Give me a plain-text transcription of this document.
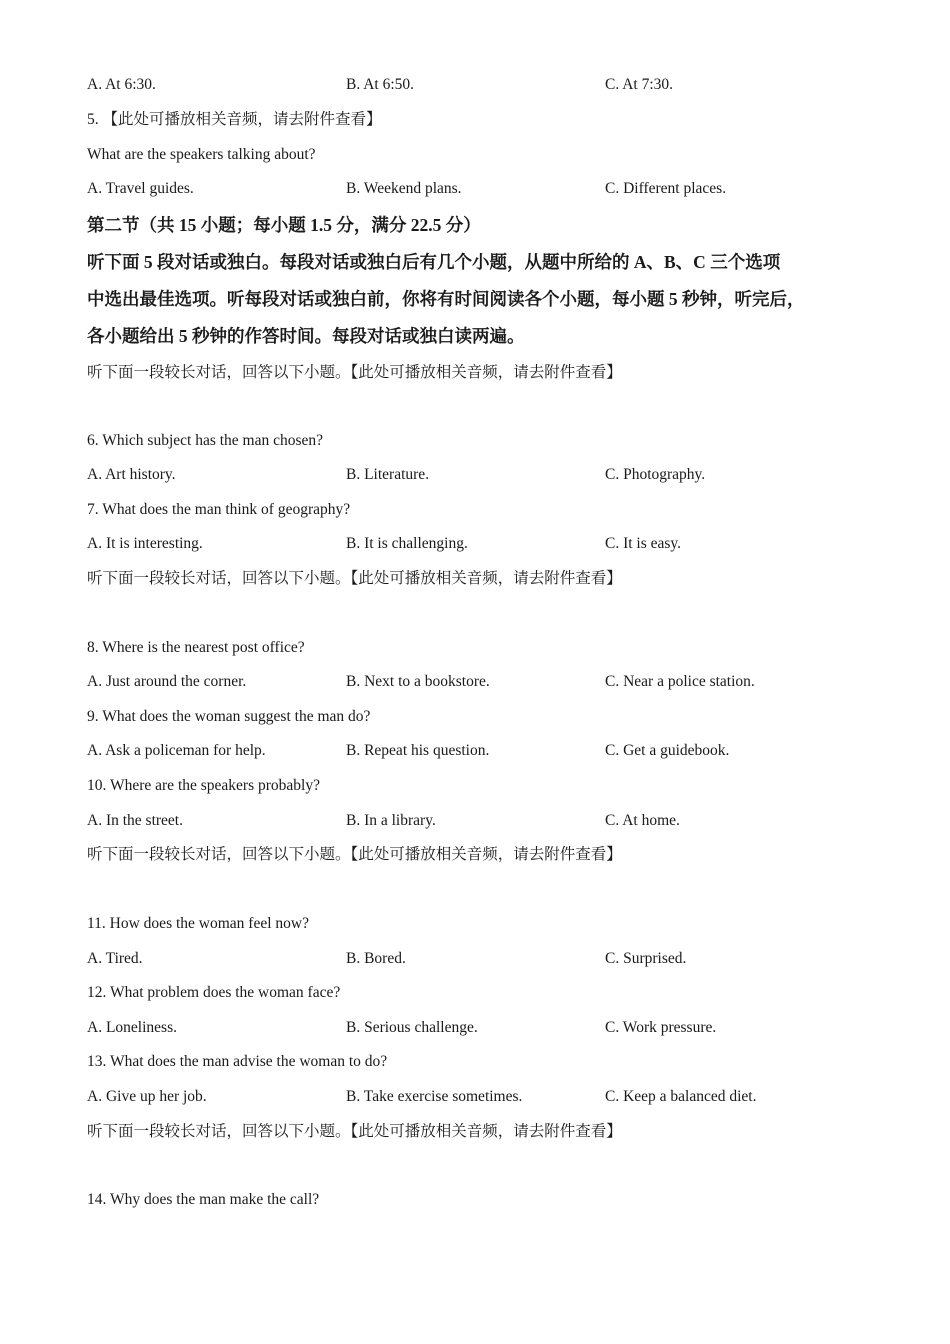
A. At 6:30.	B. At 6:50.	C. At 7:30.
5. 【此处可播放相关音频，请去附件查看】
What are the speakers talking about?
A. Travel guides.	B. Weekend plans.	C. Different places.
第二节（共 15 小题；每小题 1.5 分，满分 22.5 分）
听下面 5 段对话或独白。每段对话或独白后有几个小题，从题中所给的 A、B、C 三个选项
中选出最佳选项。听每段对话或独白前，你将有时间阅读各个小题，每小题 5 秒钟，听完后，
各小题给出 5 秒钟的作答时间。每段对话或独白读两遍。
听下面一段较长对话，回答以下小题。【此处可播放相关音频，请去附件查看】
6. Which subject has the man chosen?
A. Art history.	B. Literature.	C. Photography.
7. What does the man think of geography?
A. It is interesting.	B. It is challenging.	C. It is easy.
听下面一段较长对话，回答以下小题。【此处可播放相关音频，请去附件查看】
8. Where is the nearest post office?
A. Just around the corner.	B. Next to a bookstore.	C. Near a police station.
9. What does the woman suggest the man do?
A. Ask a policeman for help.	B. Repeat his question.	C. Get a guidebook.
10. Where are the speakers probably?
A. In the street.	B. In a library.	C. At home.
听下面一段较长对话，回答以下小题。【此处可播放相关音频，请去附件查看】
11. How does the woman feel now?
A. Tired.	B. Bored.	C. Surprised.
12. What problem does the woman face?
A. Loneliness.	B. Serious challenge.	C. Work pressure.
13. What does the man advise the woman to do?
A. Give up her job.	B. Take exercise sometimes.	C. Keep a balanced diet.
听下面一段较长对话，回答以下小题。【此处可播放相关音频，请去附件查看】
14. Why does the man make the call?
